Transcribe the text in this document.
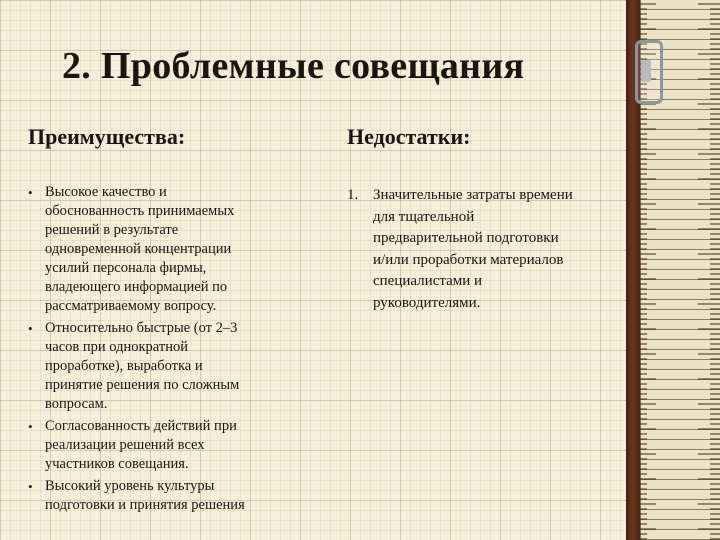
2. Проблемные совещания
Преимущества:	Недостатки:
• Высокое качество и
обоснованность принимаемых
решений в результате
одновременной концентрации
усилий персонала фирмы,
владеющего информацией по
рассматриваемому вопросу.
• Относительно быстрые (от 2–3
часов при однократной
проработке), выработка и
принятие решения по сложным
вопросам.
• Согласованность действий при
реализации решений всех
участников совещания.
• Высокий уровень культуры
подготовки и принятия решения
1. Значительные затраты времени
для тщательной
предварительной подготовки
и/или проработки материалов
специалистами и
руководителями.
